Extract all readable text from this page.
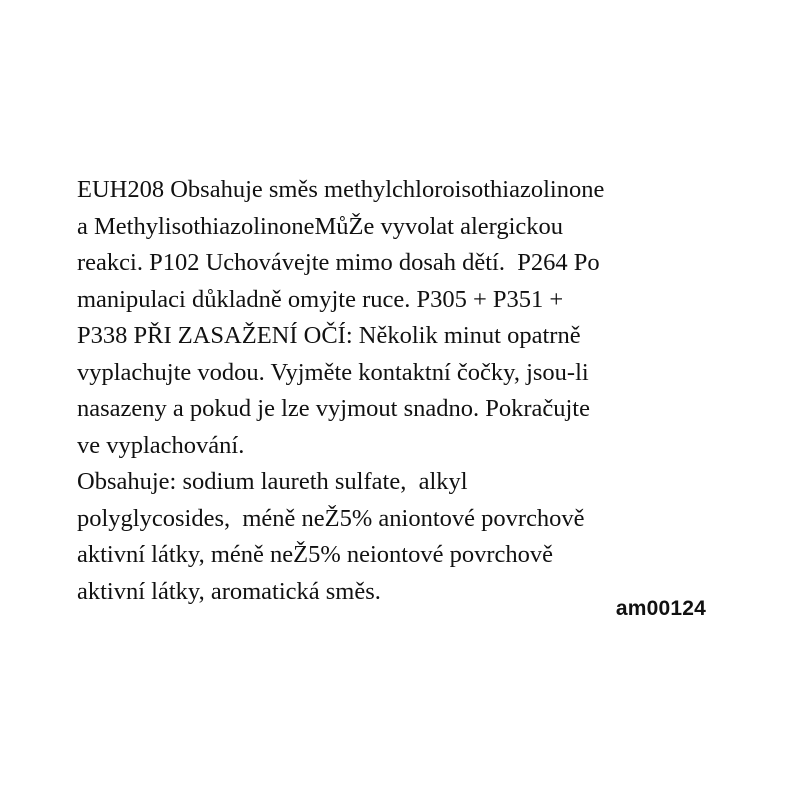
EUH208 Obsahuje směs methylchloroisothiazolinone
a MethylisothiazolinoneMůŽe vyvolat alergickou
reakci. P102 Uchovávejte mimo dosah dětí.  P264 Po
manipulaci důkladně omyjte ruce. P305 + P351 +
P338 PŘI ZASAŽENÍ OČÍ: Několik minut opatrně
vyplachujte vodou. Vyjměte kontaktní čočky, jsou-li
nasazeny a pokud je lze vyjmout snadno. Pokračujte
ve vyplachování.
Obsahuje: sodium laureth sulfate,  alkyl
polyglycosides,  méně neŽ5% aniontové povrchově
aktivní látky, méně neŽ5% neiontové povrchově
aktivní látky, aromatická směs.
am00124
